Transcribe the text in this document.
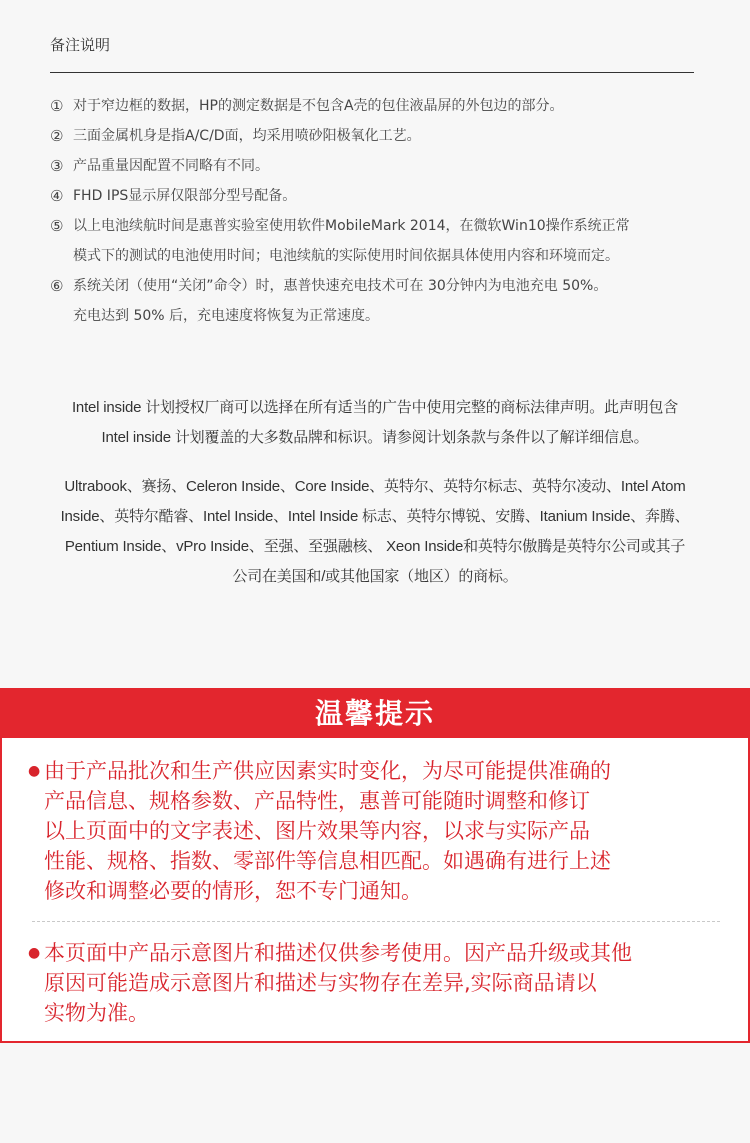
备注说明
① 对于窄边框的数据，HP的测定数据是不包含A壳的包住液晶屏的外包边的部分。
② 三面金属机身是指A/C/D面，均采用喷砂阳极氧化工艺。
③ 产品重量因配置不同略有不同。
④ FHD IPS显示屏仅限部分型号配备。
⑤ 以上电池续航时间是惠普实验室使用软件MobileMark 2014，在微软Win10操作系统正常
模式下的测试的电池使用时间；电池续航的实际使用时间依据具体使用内容和环境而定。
⑥ 系统关闭（使用“关闭”命令）时，惠普快速充电技术可在 30分钟内为电池充电 50%。
充电达到 50% 后，充电速度将恢复为正常速度。
Intel inside 计划授权厂商可以选择在所有适当的广告中使用完整的商标法律声明。此声明包含
Intel inside 计划覆盖的大多数品牌和标识。请参阅计划条款与条件以了解详细信息。
Ultrabook、赛扬、Celeron Inside、Core Inside、英特尔、英特尔标志、英特尔凌动、Intel Atom
Inside、英特尔酷睿、Intel Inside、Intel Inside 标志、英特尔博锐、安腾、Itanium Inside、奔腾、
Pentium Inside、vPro Inside、至强、至强融核、 Xeon Inside和英特尔傲腾是英特尔公司或其子
公司在美国和/或其他国家（地区）的商标。
温馨提示
● 由于产品批次和生产供应因素实时变化，为尽可能提供准确的
产品信息、规格参数、产品特性，惠普可能随时调整和修订
以上页面中的文字表述、图片效果等内容，以求与实际产品
性能、规格、指数、零部件等信息相匹配。如遇确有进行上述
修改和调整必要的情形，恕不专门通知。
● 本页面中产品示意图片和描述仅供参考使用。因产品升级或其他
原因可能造成示意图片和描述与实物存在差异,实际商品请以
实物为准。
